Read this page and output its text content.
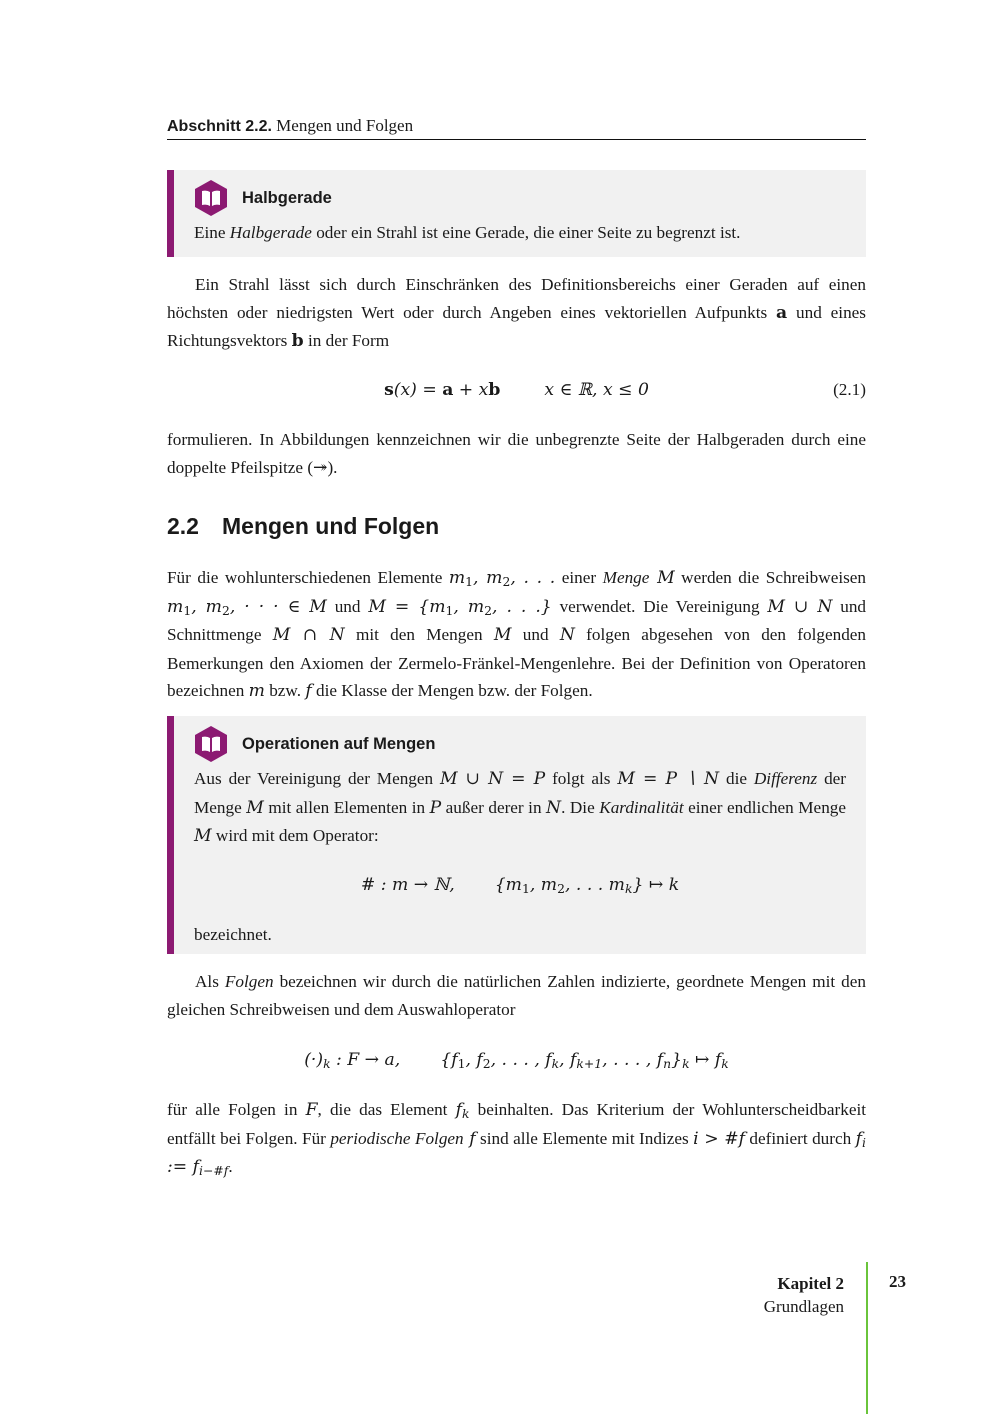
Abschnitt 2.2. Mengen und Folgen
Halbgerade
Eine Halbgerade oder ein Strahl ist eine Gerade, die einer Seite zu begrenzt ist.
Ein Strahl lässt sich durch Einschränken des Definitionsbereichs einer Geraden auf einen höchsten oder niedrigsten Wert oder durch Angeben eines vektoriellen Aufpunkts a und eines Richtungsvektors b in der Form
s(x) = a + xb	x ∈ ℝ, x ≤ 0	(2.1)
formulieren. In Abbildungen kennzeichnen wir die unbegrenzte Seite der Halbgeraden durch eine doppelte Pfeilspitze (↠).
2.2 Mengen und Folgen
Für die wohlunterschiedenen Elemente $m_1$, $m_2$, . . . einer Menge M werden die Schreibweisen $m_1$, $m_2$, · · · ∈ M und $M = \{m_1$, $m_2$, . . .} verwendet. Die Vereinigung M ∪ N und Schnittmenge M ∩ N mit den Mengen M und N folgen abgesehen von den folgenden Bemerkungen den Axiomen der Zermelo-Fränkel-Mengenlehre. Bei der Definition von Operatoren bezeichnen m bzw. f die Klasse der Mengen bzw. der Folgen.
Operationen auf Mengen
Aus der Vereinigung der Mengen M ∪ N = P folgt als M = P ∖ N die Differenz der Menge M mit allen Elementen in P außer derer in N. Die Kardinalität einer endlichen Menge M wird mit dem Operator:
# : m → ℕ, {$m_1$, $m_2$, . . . $m_k$} ↦ k
bezeichnet.
Als Folgen bezeichnen wir durch die natürlichen Zahlen indizierte, geordnete Mengen mit den gleichen Schreibweisen und dem Auswahloperator
$(\cdot)_k$ : F → a, {$f_1$, $f_2$, . . . , $f_k$, $f_{k+1}$, . . . , $f_n\}_k$ ↦ $f_k$
für alle Folgen in F, die das Element $f_k$ beinhalten. Das Kriterium der Wohlunterscheidbarkeit entfällt bei Folgen. Für periodische Folgen f sind alle Elemente mit Indizes i > #f definiert durch $f_i$ := $f_{i-\#f}$.
Kapitel 2
Grundlagen
23
